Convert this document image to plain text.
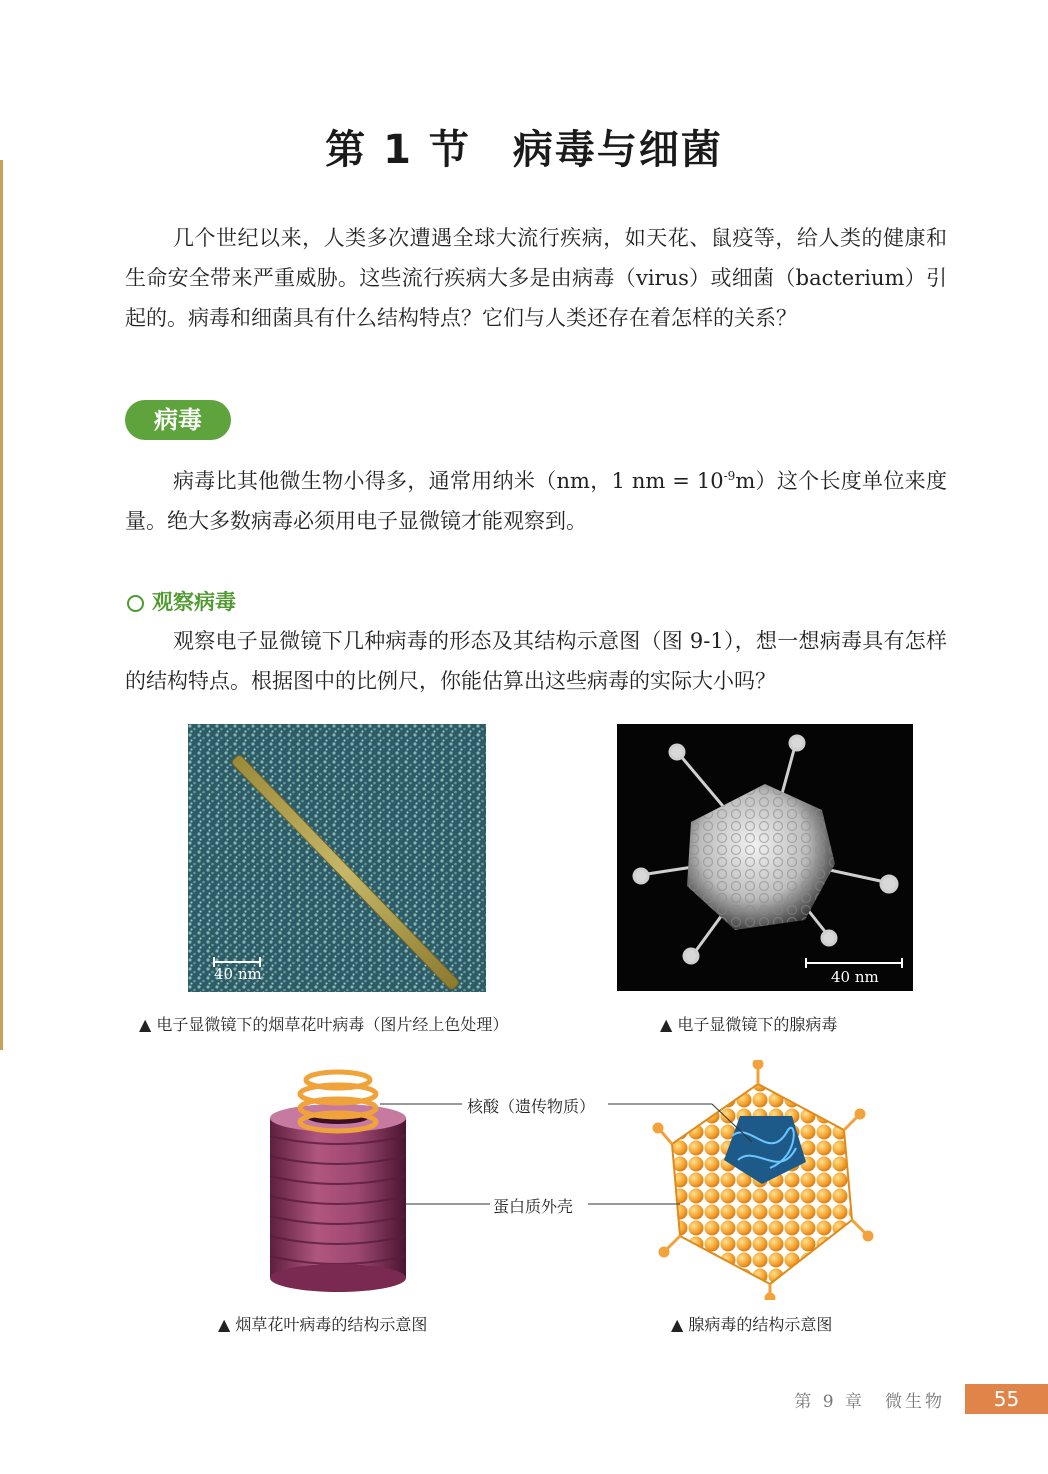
第 1 节　病毒与细菌

几个世纪以来，人类多次遭遇全球大流行疾病，如天花、鼠疫等，给人类的健康和生命安全带来严重威胁。这些流行疾病大多是由病毒（virus）或细菌（bacterium）引起的。病毒和细菌具有什么结构特点？它们与人类还存在着怎样的关系？

病毒

病毒比其他微生物小得多，通常用纳米（nm，1 nm = $10^{-9}m$）这个长度单位来度量。绝大多数病毒必须用电子显微镜才能观察到。

观察病毒

观察电子显微镜下几种病毒的形态及其结构示意图（图 9-1），想一想病毒具有怎样的结构特点。根据图中的比例尺，你能估算出这些病毒的实际大小吗？

40 nm	40 nm
▲ 电子显微镜下的烟草花叶病毒（图片经上色处理）	▲ 电子显微镜下的腺病毒
核酸（遗传物质）
蛋白质外壳
▲ 烟草花叶病毒的结构示意图	▲ 腺病毒的结构示意图
第 9 章　微生物	55
